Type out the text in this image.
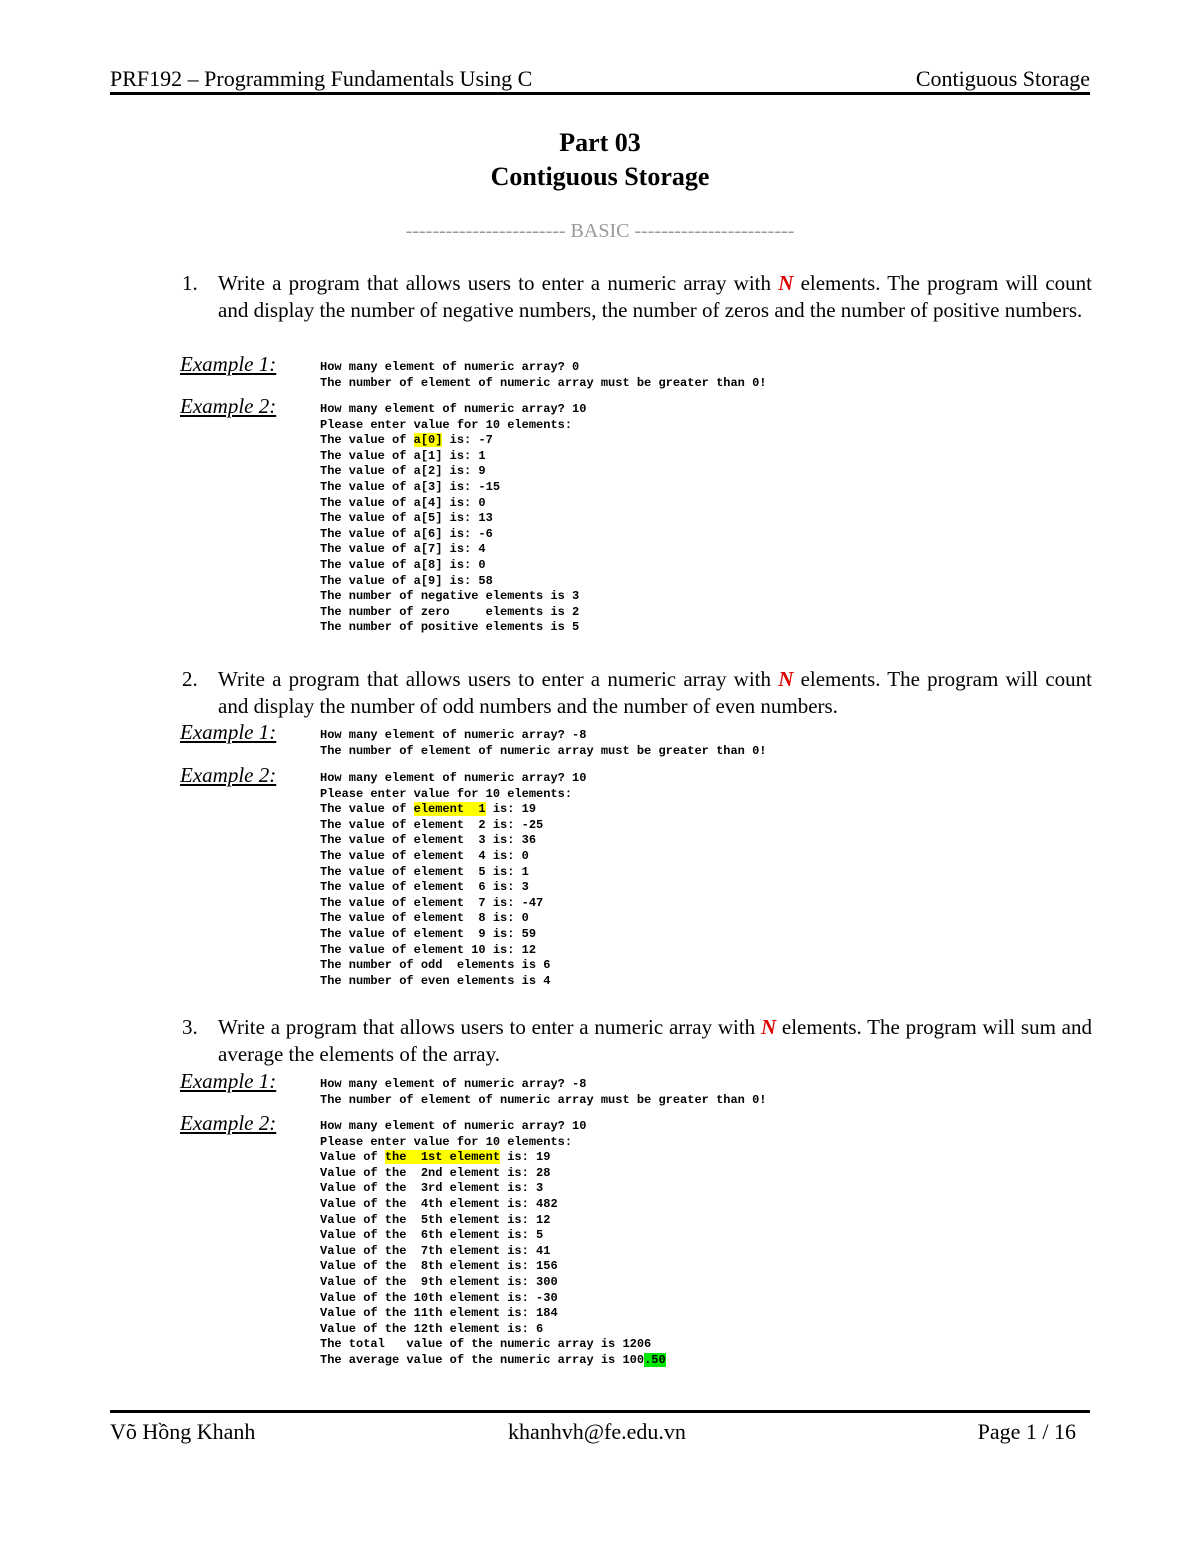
PRF192 – Programming Fundamentals Using C	Contiguous Storage
Part 03
Contiguous Storage
------------------------ BASIC ------------------------
1. Write a program that allows users to enter a numeric array with N elements. The program will count and display the number of negative numbers, the number of zeros and the number of positive numbers.
Example 1:	How many element of numeric array? 0
The number of element of numeric array must be greater than 0!
Example 2:	How many element of numeric array? 10
Please enter value for 10 elements:
The value of a[0] is: -7
The value of a[1] is: 1
The value of a[2] is: 9
The value of a[3] is: -15
The value of a[4] is: 0
The value of a[5] is: 13
The value of a[6] is: -6
The value of a[7] is: 4
The value of a[8] is: 0
The value of a[9] is: 58
The number of negative elements is 3
The number of zero     elements is 2
The number of positive elements is 5
2. Write a program that allows users to enter a numeric array with N elements. The program will count and display the number of odd numbers and the number of even numbers.
Example 1:	How many element of numeric array? -8
The number of element of numeric array must be greater than 0!
Example 2:	How many element of numeric array? 10
Please enter value for 10 elements:
The value of element  1 is: 19
The value of element  2 is: -25
The value of element  3 is: 36
The value of element  4 is: 0
The value of element  5 is: 1
The value of element  6 is: 3
The value of element  7 is: -47
The value of element  8 is: 0
The value of element  9 is: 59
The value of element 10 is: 12
The number of odd  elements is 6
The number of even elements is 4
3. Write a program that allows users to enter a numeric array with N elements. The program will sum and average the elements of the array.
Example 1:	How many element of numeric array? -8
The number of element of numeric array must be greater than 0!
Example 2:	How many element of numeric array? 10
Please enter value for 10 elements:
Value of the  1st element is: 19
Value of the  2nd element is: 28
Value of the  3rd element is: 3
Value of the  4th element is: 482
Value of the  5th element is: 12
Value of the  6th element is: 5
Value of the  7th element is: 41
Value of the  8th element is: 156
Value of the  9th element is: 300
Value of the 10th element is: -30
Value of the 11th element is: 184
Value of the 12th element is: 6
The total   value of the numeric array is 1206
The average value of the numeric array is 100.50
Võ Hồng Khanh	khanhvh@fe.edu.vn	Page 1 / 16
